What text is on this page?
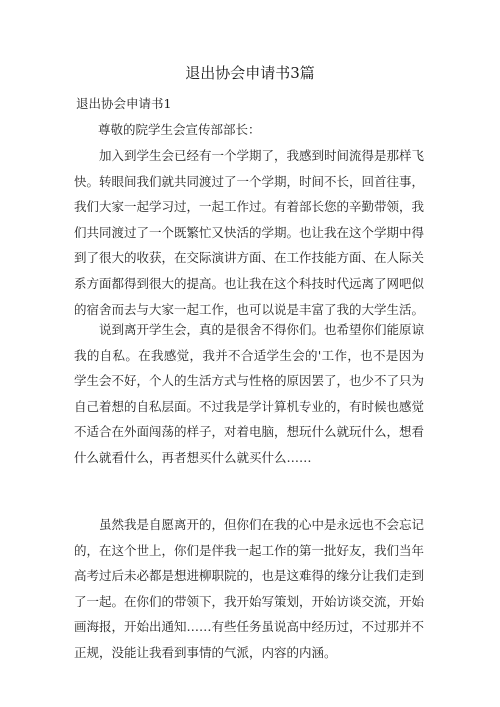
退出协会申请书3篇
退出协会申请书1
尊敬的院学生会宣传部部长：

加入到学生会已经有一个学期了，我感到时间流得是那样飞快。转眼间我们就共同渡过了一个学期，时间不长，回首往事，我们大家一起学习过，一起工作过。有着部长您的辛勤带领，我们共同渡过了一个既繁忙又快活的学期。也让我在这个学期中得到了很大的收获，在交际演讲方面、在工作技能方面、在人际关系方面都得到很大的提高。也让我在这个科技时代远离了网吧似的宿舍而去与大家一起工作，也可以说是丰富了我的大学生活。

说到离开学生会，真的是很舍不得你们。也希望你们能原谅我的自私。在我感觉，我并不合适学生会的'工作，也不是因为学生会不好，个人的生活方式与性格的原因罢了，也少不了只为自己着想的自私层面。不过我是学计算机专业的，有时候也感觉不适合在外面闯荡的样子，对着电脑，想玩什么就玩什么，想看什么就看什么，再者想买什么就买什么……

虽然我是自愿离开的，但你们在我的心中是永远也不会忘记的，在这个世上，你们是伴我一起工作的第一批好友，我们当年高考过后未必都是想进柳职院的，也是这难得的缘分让我们走到了一起。在你们的带领下，我开始写策划，开始访谈交流，开始画海报，开始出通知……有些任务虽说高中经历过，不过那并不正规，没能让我看到事情的气派，内容的内涵。
